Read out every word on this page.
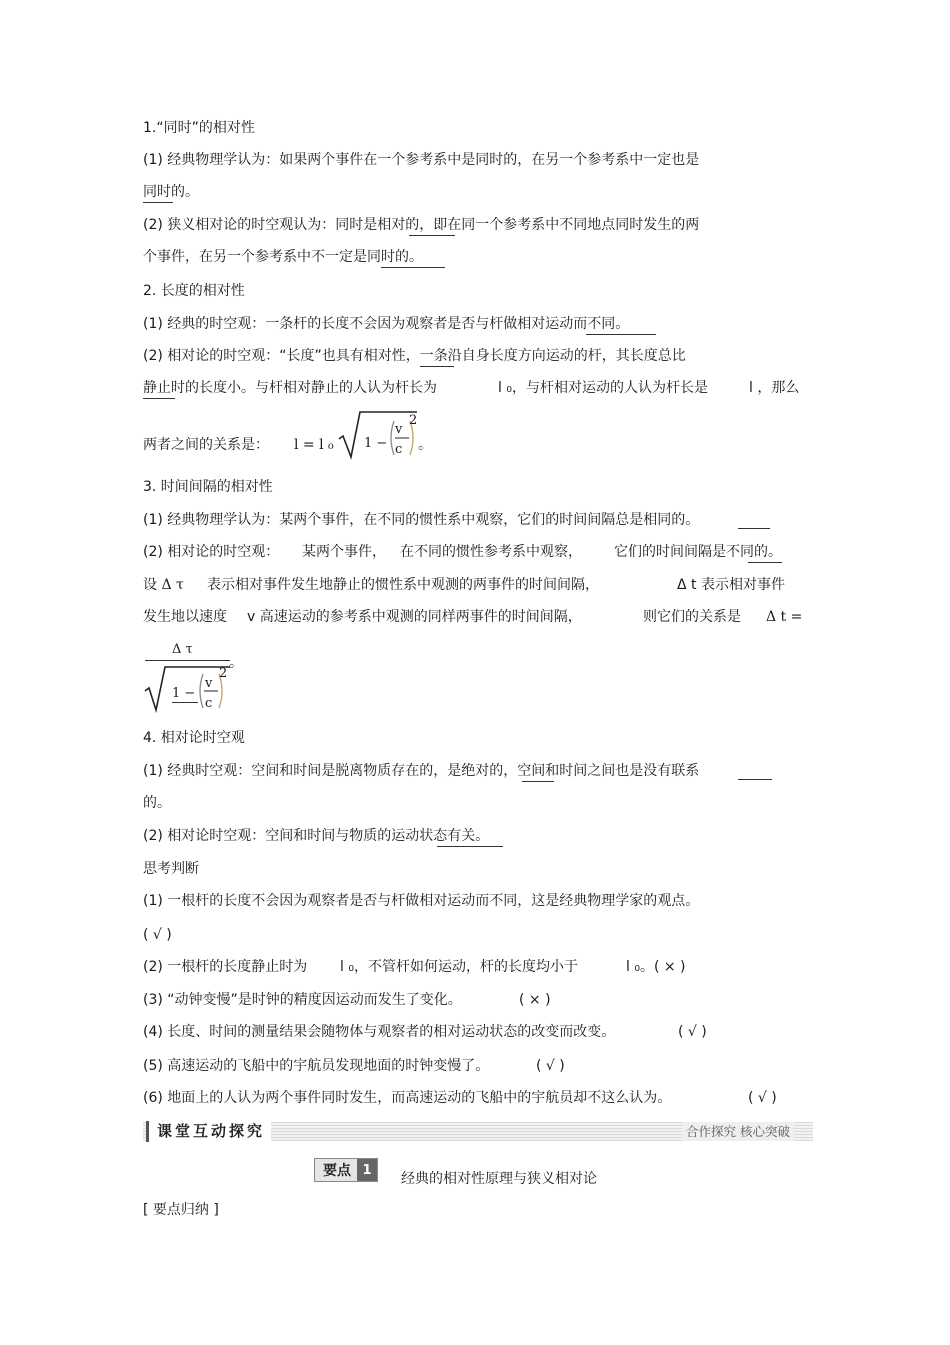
1.“同时”的相对性
(1) 经典物理学认为：如果两个事件在一个参考系中是同时的，在另一个参考系中一定也是
同时的。
(2) 狭义相对论的时空观认为：同时是相对的，即在同一个参考系中不同地点同时发生的两
个事件，在另一个参考系中不一定是同时的。
2. 长度的相对性
(1) 经典的时空观：一条杆的长度不会因为观察者是否与杆做相对运动而不同。
(2) 相对论的时空观：“长度”也具有相对性，一条沿自身长度方向运动的杆，其长度总比
静止时的长度小。与杆相对静止的人认为杆长为	l ₀，与杆相对运动的人认为杆长是	l ，那么
两者之间的关系是： l = l ₀ 1 −
v
c
2
。
3. 时间间隔的相对性
(1) 经典物理学认为：某两个事件，在不同的惯性系中观察，它们的时间间隔总是相同的。
(2) 相对论的时空观： 某两个事件， 在不同的惯性参考系中观察， 它们的时间间隔是不同的。
设 Δ τ 表示相对事件发生地静止的惯性系中观测的两事件的时间间隔，	Δ t 表示相对事件
发生地以速度 v 高速运动的参考系中观测的同样两事件的时间间隔，	则它们的关系是 Δ t =
Δ τ
1 −
v
c
2
。
4. 相对论时空观
(1) 经典时空观：空间和时间是脱离物质存在的，是绝对的，空间和时间之间也是没有联系
的。
(2) 相对论时空观：空间和时间与物质的运动状态有关。
思考判断
(1) 一根杆的长度不会因为观察者是否与杆做相对运动而不同，这是经典物理学家的观点。
( √ )
(2) 一根杆的长度静止时为 l ₀，不管杆如何运动，杆的长度均小于	l ₀。( × )
(3) “动钟变慢”是时钟的精度因运动而发生了变化。	( × )
(4) 长度、时间的测量结果会随物体与观察者的相对运动状态的改变而改变。	( √ )
(5) 高速运动的飞船中的宇航员发现地面的时钟变慢了。	( √ )
(6) 地面上的人认为两个事件同时发生，而高速运动的飞船中的宇航员却不这么认为。	( √ )
课堂互动探究	合作探究 核心突破
要点 1
经典的相对性原理与狭义相对论
[ 要点归纳 ]
